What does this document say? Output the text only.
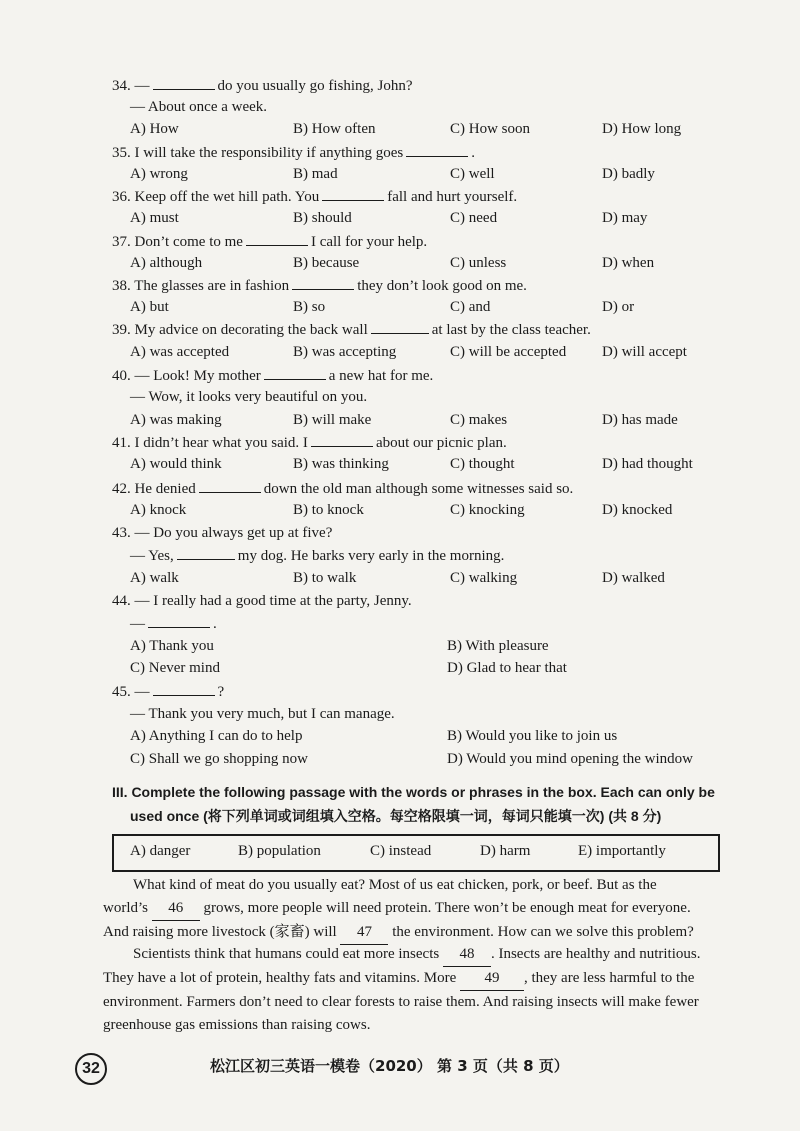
34. —	do you usually go fishing, John?
— About once a week.
A) How	B) How often	C) How soon	D) How long
35. I will take the responsibility if anything goes	.
A) wrong	B) mad	C) well	D) badly
36. Keep off the wet hill path. You	fall and hurt yourself.
A) must	B) should	C) need	D) may
37. Don’t come to me	I call for your help.
A) although	B) because	C) unless	D) when
38. The glasses are in fashion	they don’t look good on me.
A) but	B) so	C) and	D) or
39. My advice on decorating the back wall	at last by the class teacher.
A) was accepted	B) was accepting	C) will be accepted D) will accept
40. — Look! My mother	a new hat for me.
— Wow, it looks very beautiful on you.
A) was making	B) will make	C) makes	D) has made
41. I didn’t hear what you said. I	about our picnic plan.
A) would think	B) was thinking	C) thought	D) had thought
42. He denied	down the old man although some witnesses said so.
A) knock	B) to knock	C) knocking	D) knocked
43. — Do you always get up at five?
— Yes,	my dog. He barks very early in the morning.
A) walk	B) to walk	C) walking	D) walked
44. — I really had a good time at the party, Jenny.
—	.
A) Thank you	B) With pleasure
C) Never mind	D) Glad to hear that
45. —	?
— Thank you very much, but I can manage.
A) Anything I can do to help	B) Would you like to join us
C) Shall we go shopping now	D) Would you mind opening the window
III. Complete the following passage with the words or phrases in the box. Each can only be
used once (将下列单词或词组填入空格。每空格限填一词，每词只能填一次) (共 8 分)
A) danger	B) population	C) instead	D) harm	E) importantly
What kind of meat do you usually eat? Most of us eat chicken, pork, or beef. But as the
world’s 46 grows, more people will need protein. There won’t be enough meat for everyone.
And raising more livestock (家畜) will 47 the environment. How can we solve this problem?
Scientists think that humans could eat more insects 48 . Insects are healthy and nutritious.
They have a lot of protein, healthy fats and vitamins. More 49 , they are less harmful to the
environment. Farmers don’t need to clear forests to raise them. And raising insects will make fewer
greenhouse gas emissions than raising cows.
32	松江区初三英语一模卷（2020） 第 3 页（共 8 页）
